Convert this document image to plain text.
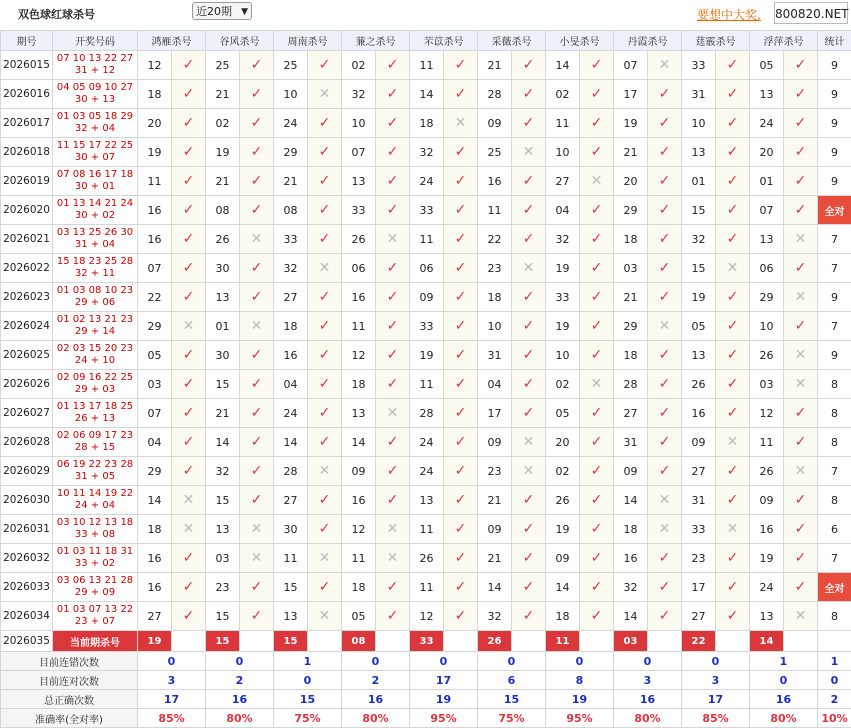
双色球红球杀号	近20期 ▼	要想中大奖, 800820.NET
期号	开奖号码	鸿雁杀号		谷风杀号		周南杀号		蒹之杀号		芣苡杀号		采薇杀号		小旻杀号		丹霞杀号		莛霰杀号		浮萍杀号		统计
2026015	07 10 13 22 27
31 + 12	12	✓	25	✓	25	✓	02	✓	11	✓	21	✓	14	✓	07	✕	33	✓	05	✓	9
2026016	04 05 09 10 27
30 + 13	18	✓	21	✓	10	✕	32	✓	14	✓	28	✓	02	✓	17	✓	31	✓	13	✓	9
2026017	01 03 05 18 29
32 + 04	20	✓	02	✓	24	✓	10	✓	18	✕	09	✓	11	✓	19	✓	10	✓	24	✓	9
2026018	11 15 17 22 25
30 + 07	19	✓	19	✓	29	✓	07	✓	32	✓	25	✕	10	✓	21	✓	13	✓	20	✓	9
2026019	07 08 16 17 18
30 + 01	11	✓	21	✓	21	✓	13	✓	24	✓	16	✓	27	✕	20	✓	01	✓	01	✓	9
2026020	01 13 14 21 24
30 + 02	16	✓	08	✓	08	✓	33	✓	33	✓	11	✓	04	✓	29	✓	15	✓	07	✓	全对
2026021	03 13 25 26 30
31 + 04	16	✓	26	✕	33	✓	26	✕	11	✓	22	✓	32	✓	18	✓	32	✓	13	✕	7
2026022	15 18 23 25 28
32 + 11	07	✓	30	✓	32	✕	06	✓	06	✓	23	✕	19	✓	03	✓	15	✕	06	✓	7
2026023	01 03 08 10 23
29 + 06	22	✓	13	✓	27	✓	16	✓	09	✓	18	✓	33	✓	21	✓	19	✓	29	✕	9
2026024	01 02 13 21 23
29 + 14	29	✕	01	✕	18	✓	11	✓	33	✓	10	✓	19	✓	29	✕	05	✓	10	✓	7
2026025	02 03 15 20 23
24 + 10	05	✓	30	✓	16	✓	12	✓	19	✓	31	✓	10	✓	18	✓	13	✓	26	✕	9
2026026	02 09 16 22 25
29 + 03	03	✓	15	✓	04	✓	18	✓	11	✓	04	✓	02	✕	28	✓	26	✓	03	✕	8
2026027	01 13 17 18 25
26 + 13	07	✓	21	✓	24	✓	13	✕	28	✓	17	✓	05	✓	27	✓	16	✓	12	✓	8
2026028	02 06 09 17 23
28 + 15	04	✓	14	✓	14	✓	14	✓	24	✓	09	✕	20	✓	31	✓	09	✕	11	✓	8
2026029	06 19 22 23 28
31 + 05	29	✓	32	✓	28	✕	09	✓	24	✓	23	✕	02	✓	09	✓	27	✓	26	✕	7
2026030	10 11 14 19 22
24 + 04	14	✕	15	✓	27	✓	16	✓	13	✓	21	✓	26	✓	14	✕	31	✓	09	✓	8
2026031	03 10 12 13 18
33 + 08	18	✕	13	✕	30	✓	12	✕	11	✓	09	✓	19	✓	18	✕	33	✕	16	✓	6
2026032	01 03 11 18 31
33 + 02	16	✓	03	✕	11	✕	11	✕	26	✓	21	✓	09	✓	16	✓	23	✓	19	✓	7
2026033	03 06 13 21 28
29 + 09	16	✓	23	✓	15	✓	18	✓	11	✓	14	✓	14	✓	32	✓	17	✓	24	✓	全对
2026034	01 03 07 13 22
23 + 07	27	✓	15	✓	13	✕	05	✓	12	✓	32	✓	18	✓	14	✓	27	✓	13	✕	8
2026035	当前期杀号	19		15		15		08		33		26		11		03		22		14		
目前连错次数		0		0		1		0		0		0		0		0		0		1		1
目前连对次数		3		2		0		2		17		6		8		3		3		0		0
总正确次数		17		16		15		16		19		15		19		16		17		16		2
准确率(全对率)		85%		80%		75%		80%		95%		75%		95%		80%		85%		80%		10%
